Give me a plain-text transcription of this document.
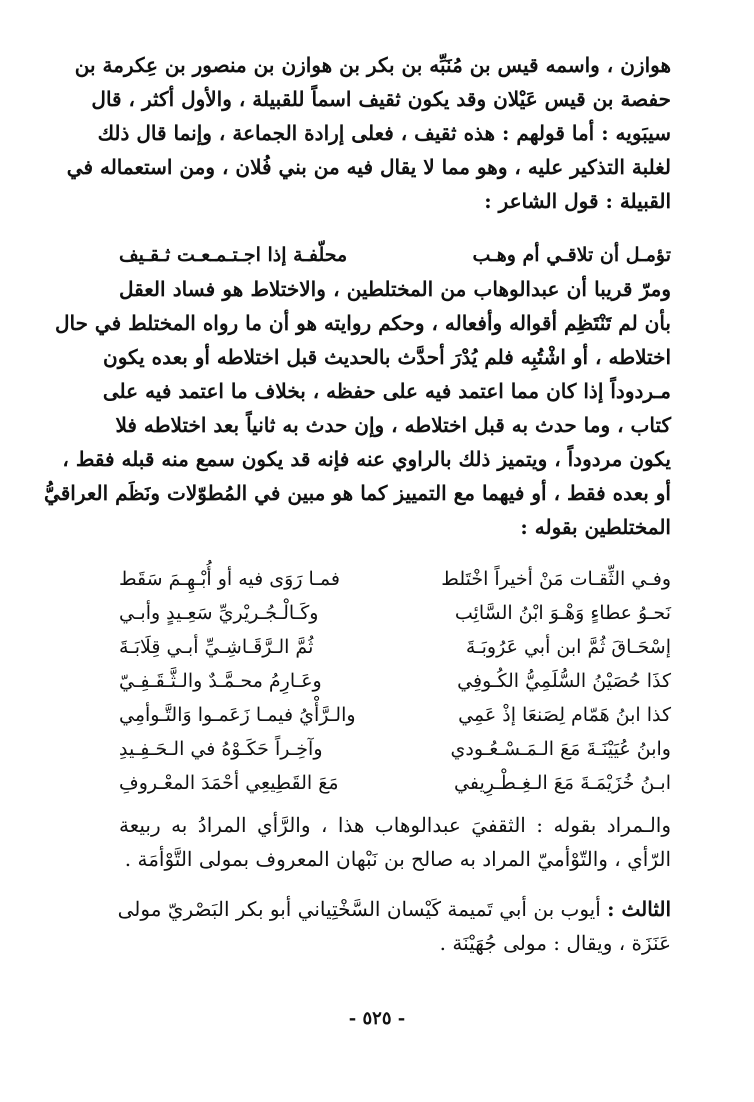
هوازن ، واسمه قيس بن مُنَبِّه بن بكر بن هوازن بن منصور بن عِكرمة بن
حفصة بن قيس عَيْلان وقد يكون ثقيف اسماً للقبيلة ، والأول أكثر ، قال
سيبَويه : أما قولهم : هذه ثقيف ، فعلى إرادة الجماعة ، وإنما قال ذلك
لغلبة التذكير عليه ، وهو مما لا يقال فيه من بني فُلان ، ومن استعماله في
القبيلة : قول الشاعر :
تؤمـل أن تلاقـي أم وهـب
محلّفـة إذا اجـتـمـعـت ثـقـيف
ومرّ قريبا أن عبدالوهاب من المختلطين ، والاختلاط هو فساد العقل
بأن لم تَنْتَظِم أقواله وأفعاله ، وحكم روايته هو أن ما رواه المختلط في حال
اختلاطه ، أو اشْتُبِه فلم يُدْرَ أحدَّث بالحديث قبل اختلاطه أو بعده يكون
مـردوداً إذا كان مما اعتمد فيه على حفظه ، بخلاف ما اعتمد فيه على
كتاب ، وما حدث به قبل اختلاطه ، وإن حدث به ثانياً بعد اختلاطه فلا
يكون مردوداً ، ويتميز ذلك بالراوي عنه فإنه قد يكون سمع منه قبله فقط ،
أو بعده فقط ، أو فيهما مع التمييز كما هو مبين في المُطوّلات ونَظَم العراقيُّ
المختلطين بقوله :
وفـي الثِّقـات مَنْ أخيراً اخْتَلط
فمـا رَوَى فيه أو أُبْـهِـمَ سَقَط
نَحـوُ عطاءٍ وَهْـوَ ابْنُ السَّائِب
وكَـالْـجُـريْريِّ سَعِـيدٍ وأبـي
إسْحَـاقَ ثُمَّ ابن أبي عَرُوبَـةَ
ثُمَّ الـرَّقَـاشِـيِّ أبـي قِلَابَـةَ
كذَا حُصَيْنُ السُّلَمِيُّ الكُـوفِي
وعَـارِمُ محـمَّـدٌ والـثَّـقَـفِـيّ
كذا ابنُ هَمّام لِصَنعَا إذْ عَمِي
والـرَّأْيُ فيمـا زَعَمـوا وَالتَّـوأمِي
وابنُ عُيَيْنَـةَ مَعَ الـمَـسْـعُـودي
وآخِـراً حَكَـوْهُ في الـحَـفِـيدِ
ابـنُ خُزَيْمَـةَ مَعَ الـغِـطْـرِيفي
مَعَ القَطِيعِي أحْمَدَ المعْـروفِ
والـمراد بقوله : الثقفيَ عبدالوهاب هذا ، والرَّأي المرادُ به ربيعة
الرّأي ، والتّوْأميّ المراد به صالح بن نَبْهان المعروف بمولى التَّوْأمَة .
الثالث : أيوب بن أبي تَميمة كَيْسان السَّخْتِياني أبو بكر البَصْريّ مولى
عَنَزَة ، ويقال : مولى جُهَيْنَة .
- ٥٢٥ -
